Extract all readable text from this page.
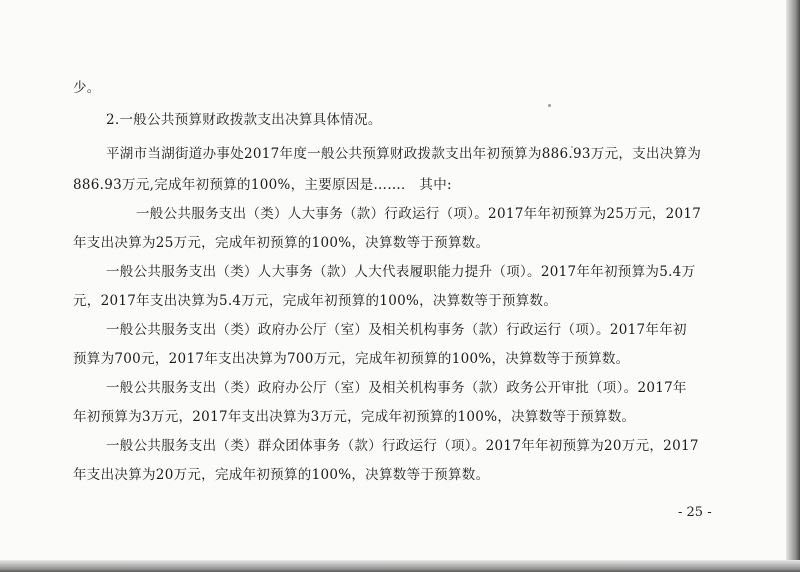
少。
2.一般公共预算财政拨款支出决算具体情况。
平湖市当湖街道办事处2017年度一般公共预算财政拨款支出年初预算为886.93万元，支出决算为
886.93万元,完成年初预算的100%，主要原因是……． 其中:
一般公共服务支出（类）人大事务（款）行政运行（项）。2017年年初预算为25万元，2017
年支出决算为25万元，完成年初预算的100%，决算数等于预算数。
一般公共服务支出（类）人大事务（款）人大代表履职能力提升（项）。2017年年初预算为5.4万
元，2017年支出决算为5.4万元，完成年初预算的100%，决算数等于预算数。
一般公共服务支出（类）政府办公厅（室）及相关机构事务（款）行政运行（项）。2017年年初
预算为700元，2017年支出决算为700万元，完成年初预算的100%，决算数等于预算数。
一般公共服务支出（类）政府办公厅（室）及相关机构事务（款）政务公开审批（项）。2017年
年初预算为3万元，2017年支出决算为3万元，完成年初预算的100%，决算数等于预算数。
一般公共服务支出（类）群众团体事务（款）行政运行（项）。2017年年初预算为20万元，2017
年支出决算为20万元，完成年初预算的100%，决算数等于预算数。
- 25 -
